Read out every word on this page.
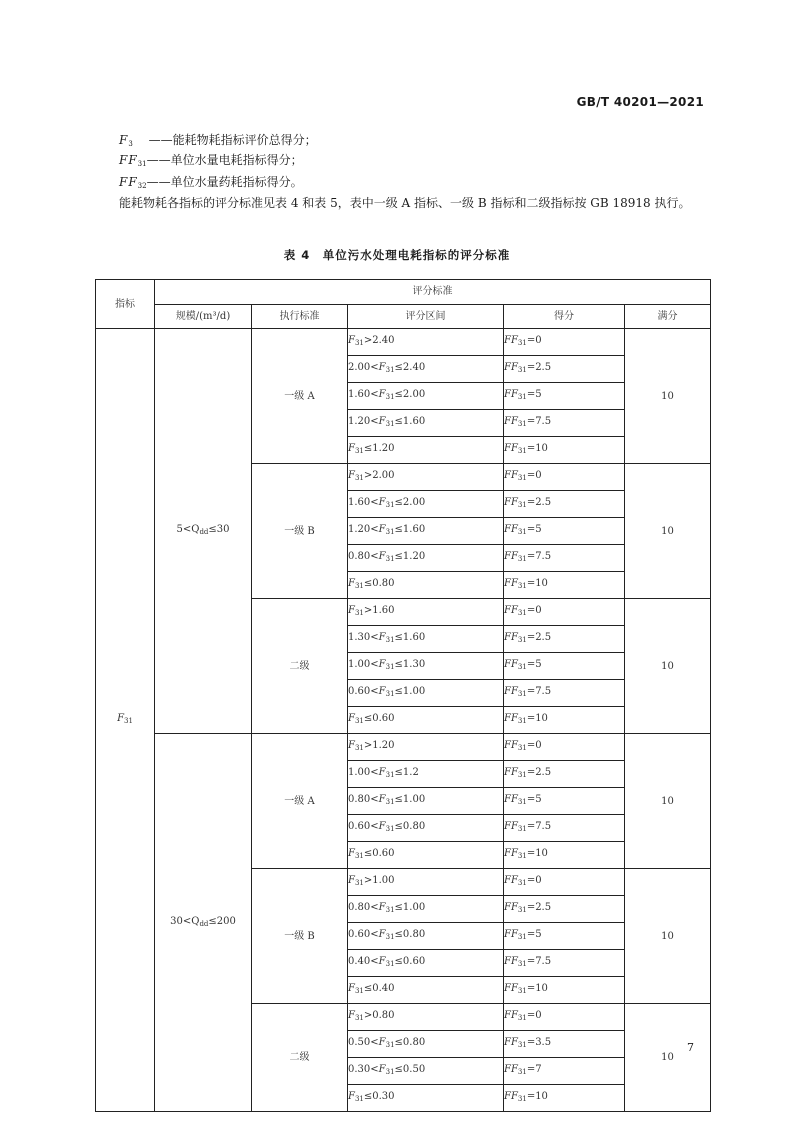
GB/T 40201—2021
$F_3$ ——能耗物耗指标评价总得分；
$FF_{31}——$单位水量电耗指标得分；
$FF_{32}——$单位水量药耗指标得分。
能耗物耗各指标的评分标准见表 4 和表 5，表中一级 A 指标、一级 B 指标和二级指标按 GB 18918 执行。
表 4　单位污水处理电耗指标的评分标准
指标	评分标准				
	规模/(m³/d)	执行标准	评分区间	得分	满分
$F_{31}$	$5<Q_{dd}\le 30$	一级 A	$F_{31}>2.40$	$FF_{31}=0$	10
			$2.00<F_{31}\le 2.40$	$FF_{31}=2.5$	
			$1.60<F_{31}\le 2.00$	$FF_{31}=5$	
			$1.20<F_{31}\le 1.60$	$FF_{31}=7.5$	
			$F_{31}\le 1.20$	$FF_{31}=10$	
		一级 B	$F_{31}>2.00$	$FF_{31}=0$	10
			$1.60<F_{31}\le 2.00$	$FF_{31}=2.5$	
			$1.20<F_{31}\le 1.60$	$FF_{31}=5$	
			$0.80<F_{31}\le 1.20$	$FF_{31}=7.5$	
			$F_{31}\le 0.80$	$FF_{31}=10$	
		二级	$F_{31}>1.60$	$FF_{31}=0$	10
			$1.30<F_{31}\le 1.60$	$FF_{31}=2.5$	
			$1.00<F_{31}\le 1.30$	$FF_{31}=5$	
			$0.60<F_{31}\le 1.00$	$FF_{31}=7.5$	
			$F_{31}\le 0.60$	$FF_{31}=10$	
	$30<Q_{dd}\le 200$	一级 A	$F_{31}>1.20$	$FF_{31}=0$	10
			$1.00<F_{31}\le 1.2$	$FF_{31}=2.5$	
			$0.80<F_{31}\le 1.00$	$FF_{31}=5$	
			$0.60<F_{31}\le 0.80$	$FF_{31}=7.5$	
			$F_{31}\le 0.60$	$FF_{31}=10$	
		一级 B	$F_{31}>1.00$	$FF_{31}=0$	10
			$0.80<F_{31}\le 1.00$	$FF_{31}=2.5$	
			$0.60<F_{31}\le 0.80$	$FF_{31}=5$	
			$0.40<F_{31}\le 0.60$	$FF_{31}=7.5$	
			$F_{31}\le 0.40$	$FF_{31}=10$	
		二级	$F_{31}>0.80$	$FF_{31}=0$	10
			$0.50<F_{31}\le 0.80$	$FF_{31}=3.5$	
			$0.30<F_{31}\le 0.50$	$FF_{31}=7$	
			$F_{31}\le 0.30$	$FF_{31}=10$	
7
